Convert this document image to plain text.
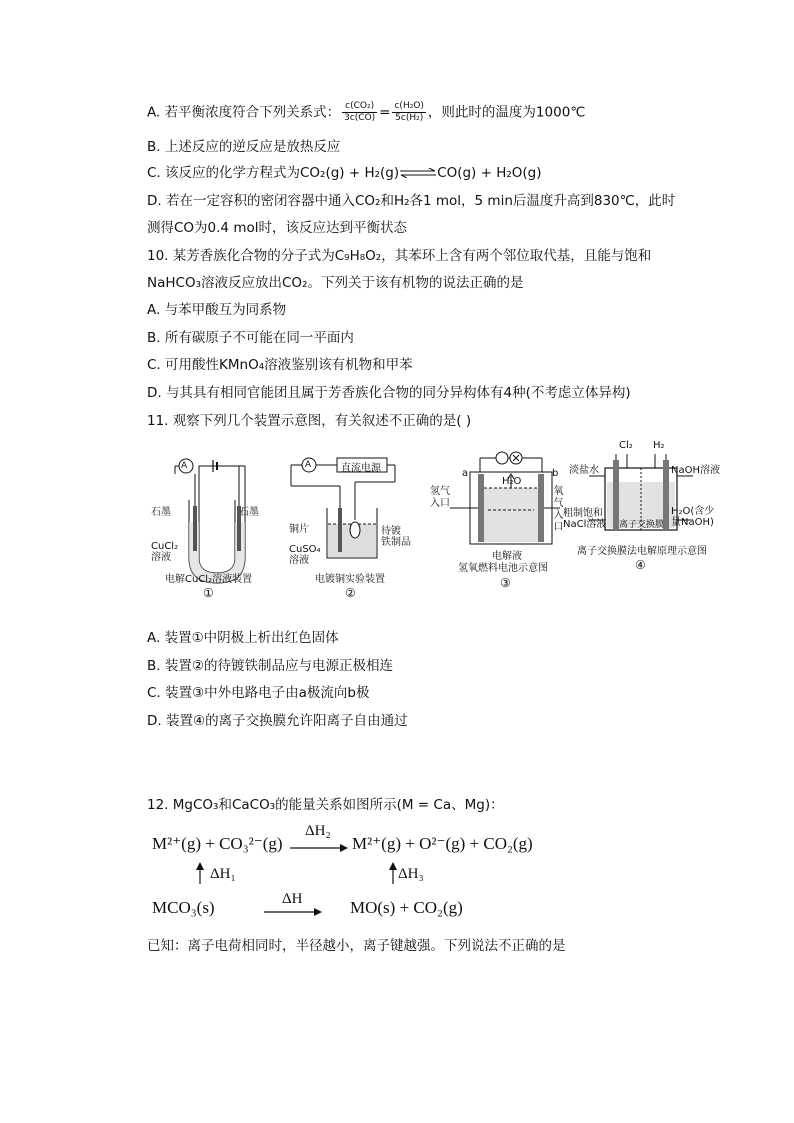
A. 若平衡浓度符合下列关系式： $\frac{\text{c(CO₂)}}{3c(CO)} = \frac{\text{c(H₂O)}}{\text{5c(H₂)}}$ ，则此时的温度为1000℃
B. 上述反应的逆反应是放热反应
C. 该反应的化学方程式为CO₂(g) + H₂(g)⇌CO(g) + H₂O(g)
D. 若在一定容积的密闭容器中通入CO₂和H₂各1 mol，5 min后温度升高到830℃，此时
测得CO为0.4 mol时，该反应达到平衡状态
10. 某芳香族化合物的分子式为C₉H₈O₂，其苯环上含有两个邻位取代基，且能与饱和
NaHCO₃溶液反应放出CO₂。下列关于该有机物的说法正确的是
A. 与苯甲酸互为同系物
B. 所有碳原子不可能在同一平面内
C. 可用酸性KMnO₄溶液鉴别该有机物和甲苯
D. 与其具有相同官能团且属于芳香族化合物的同分异构体有4种(不考虑立体异构)
11. 观察下列几个装置示意图，有关叙述不正确的是( )
石墨	石墨
CuCl₂
溶液
A
电解CuCl₂溶液装置
①
直流电源
A
铜片
CuSO₄
溶液
待镀
铁制品
电镀铜实验装置
②
a	b
氢气
入口
氧气
入口
H₂O
电解液
氢氧燃料电池示意图
③
Cl₂ H₂
淡盐水	NaOH溶液
粗制饱和
NaCl溶液 离子交换膜
H₂O(含少
量NaOH)
离子交换膜法电解原理示意图
④
A. 装置①中阴极上析出红色固体
B. 装置②的待镀铁制品应与电源正极相连
C. 装置③中外电路电子由a极流向b极
D. 装置④的离子交换膜允许阳离子自由通过
12. MgCO₃和CaCO₃的能量关系如图所示(M = Ca、Mg)：
M²⁺(g) + CO₃²⁻(g)
ΔH₂
M²⁺(g) + O²⁻(g) + CO₂(g)
ΔH₁	ΔH₃
MCO₃(s)	ΔH	MO(s) + CO₂(g)
已知：离子电荷相同时，半径越小，离子键越强。下列说法不正确的是
